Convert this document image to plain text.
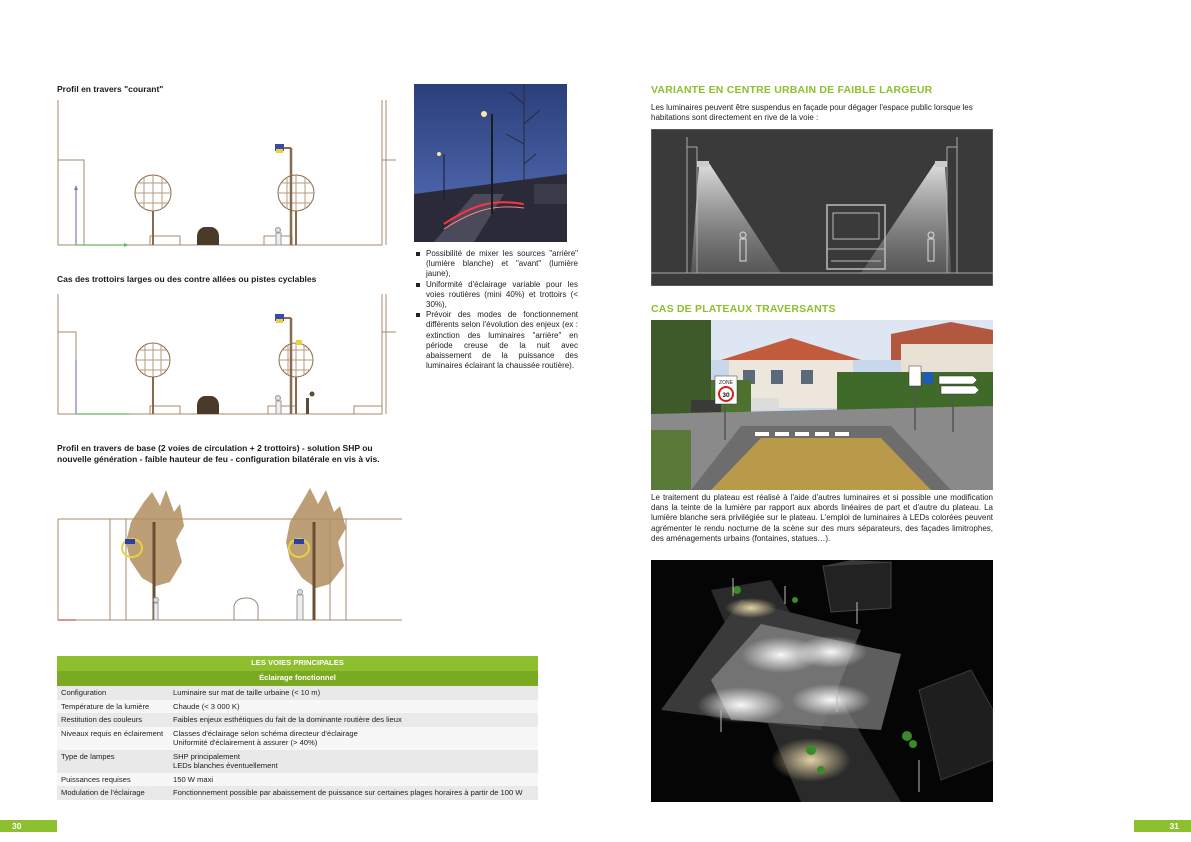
Profil en travers "courant"
Cas des trottoirs larges ou des contre allées ou pistes cyclables
Profil en travers de base (2 voies de circulation + 2 trottoirs) - solution SHP ou
nouvelle génération - faible hauteur de feu - configuration bilatérale en vis à vis.
Possibilité de mixer les sources "arrière" (lumière blanche) et "avant" (lumière jaune),
Uniformité d'éclairage variable pour les voies routières (mini 40%) et trottoirs (< 30%),
Prévoir des modes de fonctionnement différents selon l'évolution des enjeux (ex : extinction des luminaires "arrière" en période creuse de la nuit avec abaissement de la puissance des luminaires éclairant la chaussée routière).
LES VOIES PRINCIPALES	
Éclairage fonctionnel	
Configuration	Luminaire sur mat de taille urbaine (< 10 m)
Température de la lumière	Chaude (< 3 000 K)
Restitution des couleurs	Faibles enjeux esthétiques du fait de la dominante routière des lieux
Niveaux requis en éclairement	Classes d'éclairage selon schéma directeur d'éclairage
Uniformité d'éclairement à assurer (> 40%)

Type de lampes	SHP principalement
LEDs blanches éventuellement

Puissances requises	150 W maxi
Modulation de l'éclairage	Fonctionnement possible par abaissement de puissance sur certaines plages horaires à partir de 100 W
30
VARIANTE EN CENTRE URBAIN DE FAIBLE LARGEUR
Les luminaires peuvent être suspendus en façade pour dégager l'espace public lorsque les habitations sont directement en rive de la voie :
CAS DE PLATEAUX TRAVERSANTS
ZONE
30
Le traitement du plateau est réalisé à l'aide d'autres luminaires et si possible une modification dans la teinte de la lumière par rapport aux abords linéaires de part et d'autre du plateau. La lumière blanche sera privilégiée sur le plateau. L'emploi de luminaires à LEDs colorées peuvent agrémenter le rendu nocturne de la scène sur des murs séparateurs, des façades limitrophes, des aménagements urbains (fontaines, statues…).
31
